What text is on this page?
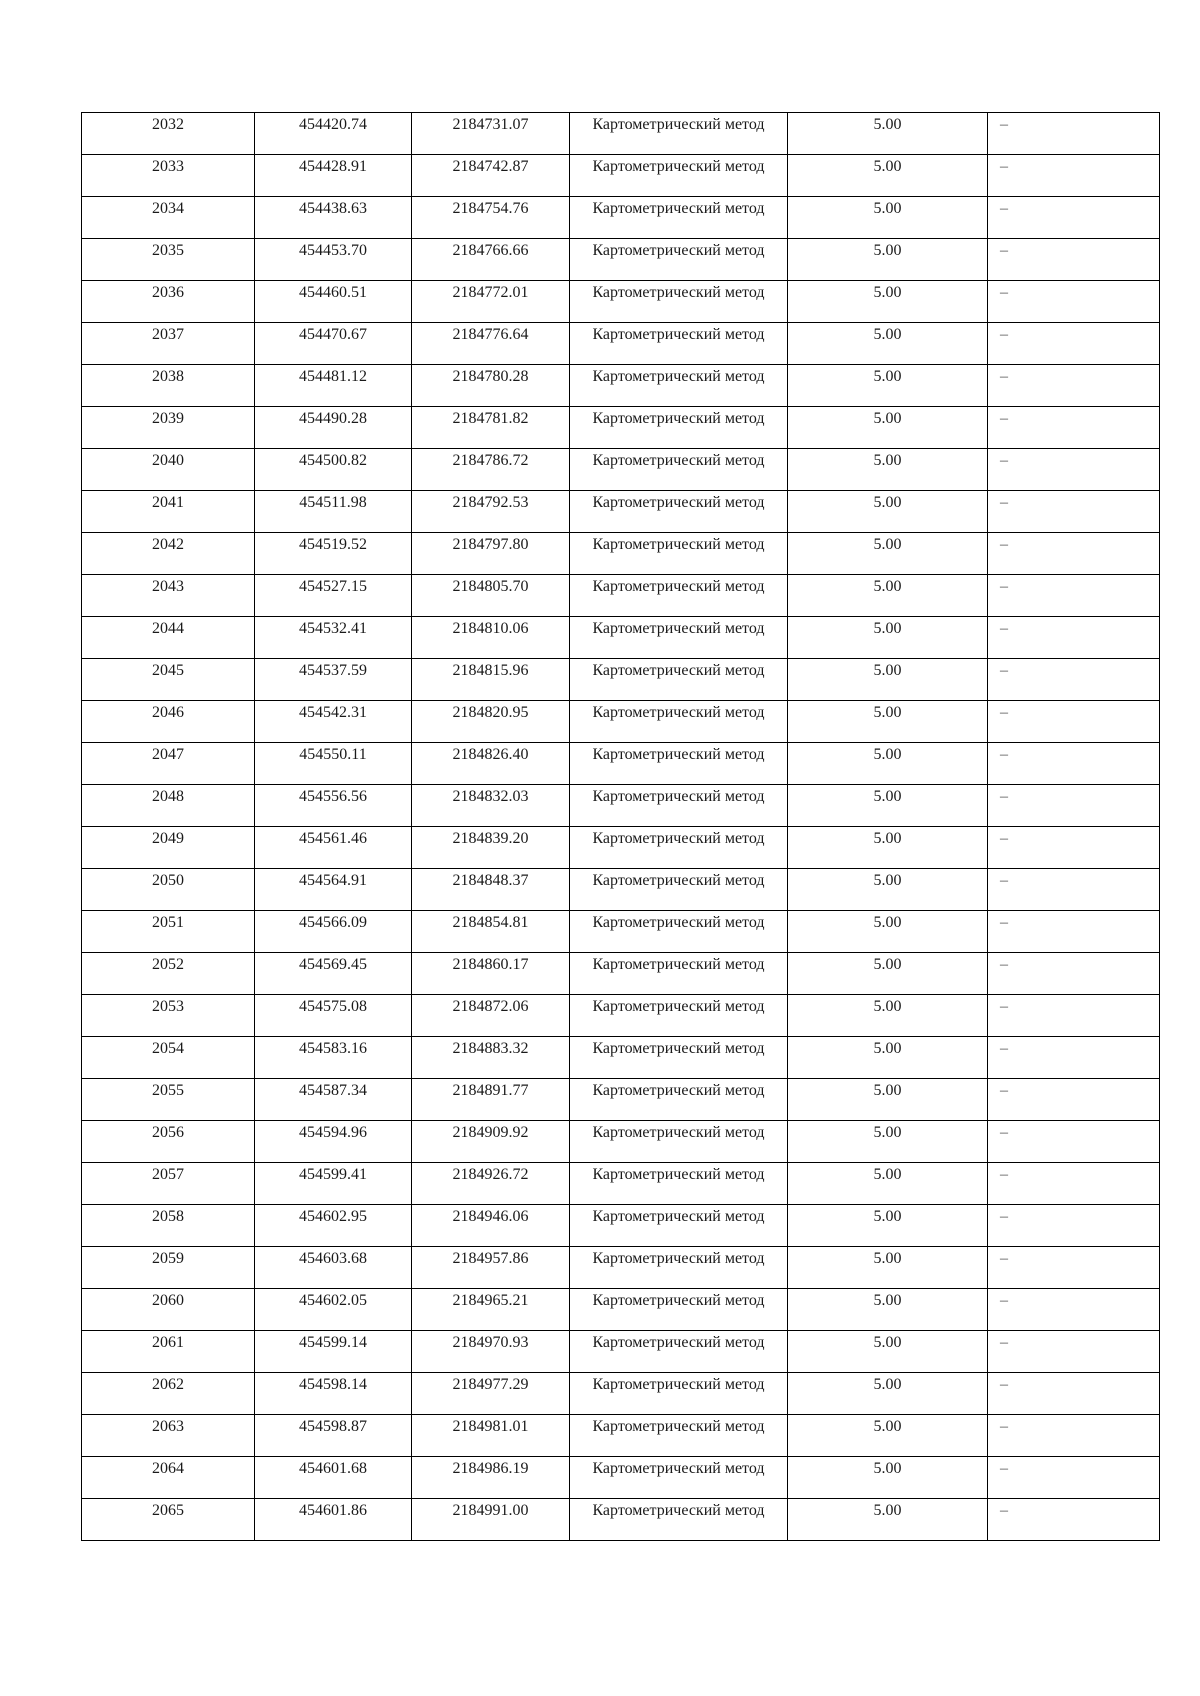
2032	454420.74	2184731.07	Картометрический метод	5.00	–
2033	454428.91	2184742.87	Картометрический метод	5.00	–
2034	454438.63	2184754.76	Картометрический метод	5.00	–
2035	454453.70	2184766.66	Картометрический метод	5.00	–
2036	454460.51	2184772.01	Картометрический метод	5.00	–
2037	454470.67	2184776.64	Картометрический метод	5.00	–
2038	454481.12	2184780.28	Картометрический метод	5.00	–
2039	454490.28	2184781.82	Картометрический метод	5.00	–
2040	454500.82	2184786.72	Картометрический метод	5.00	–
2041	454511.98	2184792.53	Картометрический метод	5.00	–
2042	454519.52	2184797.80	Картометрический метод	5.00	–
2043	454527.15	2184805.70	Картометрический метод	5.00	–
2044	454532.41	2184810.06	Картометрический метод	5.00	–
2045	454537.59	2184815.96	Картометрический метод	5.00	–
2046	454542.31	2184820.95	Картометрический метод	5.00	–
2047	454550.11	2184826.40	Картометрический метод	5.00	–
2048	454556.56	2184832.03	Картометрический метод	5.00	–
2049	454561.46	2184839.20	Картометрический метод	5.00	–
2050	454564.91	2184848.37	Картометрический метод	5.00	–
2051	454566.09	2184854.81	Картометрический метод	5.00	–
2052	454569.45	2184860.17	Картометрический метод	5.00	–
2053	454575.08	2184872.06	Картометрический метод	5.00	–
2054	454583.16	2184883.32	Картометрический метод	5.00	–
2055	454587.34	2184891.77	Картометрический метод	5.00	–
2056	454594.96	2184909.92	Картометрический метод	5.00	–
2057	454599.41	2184926.72	Картометрический метод	5.00	–
2058	454602.95	2184946.06	Картометрический метод	5.00	–
2059	454603.68	2184957.86	Картометрический метод	5.00	–
2060	454602.05	2184965.21	Картометрический метод	5.00	–
2061	454599.14	2184970.93	Картометрический метод	5.00	–
2062	454598.14	2184977.29	Картометрический метод	5.00	–
2063	454598.87	2184981.01	Картометрический метод	5.00	–
2064	454601.68	2184986.19	Картометрический метод	5.00	–
2065	454601.86	2184991.00	Картометрический метод	5.00	–
